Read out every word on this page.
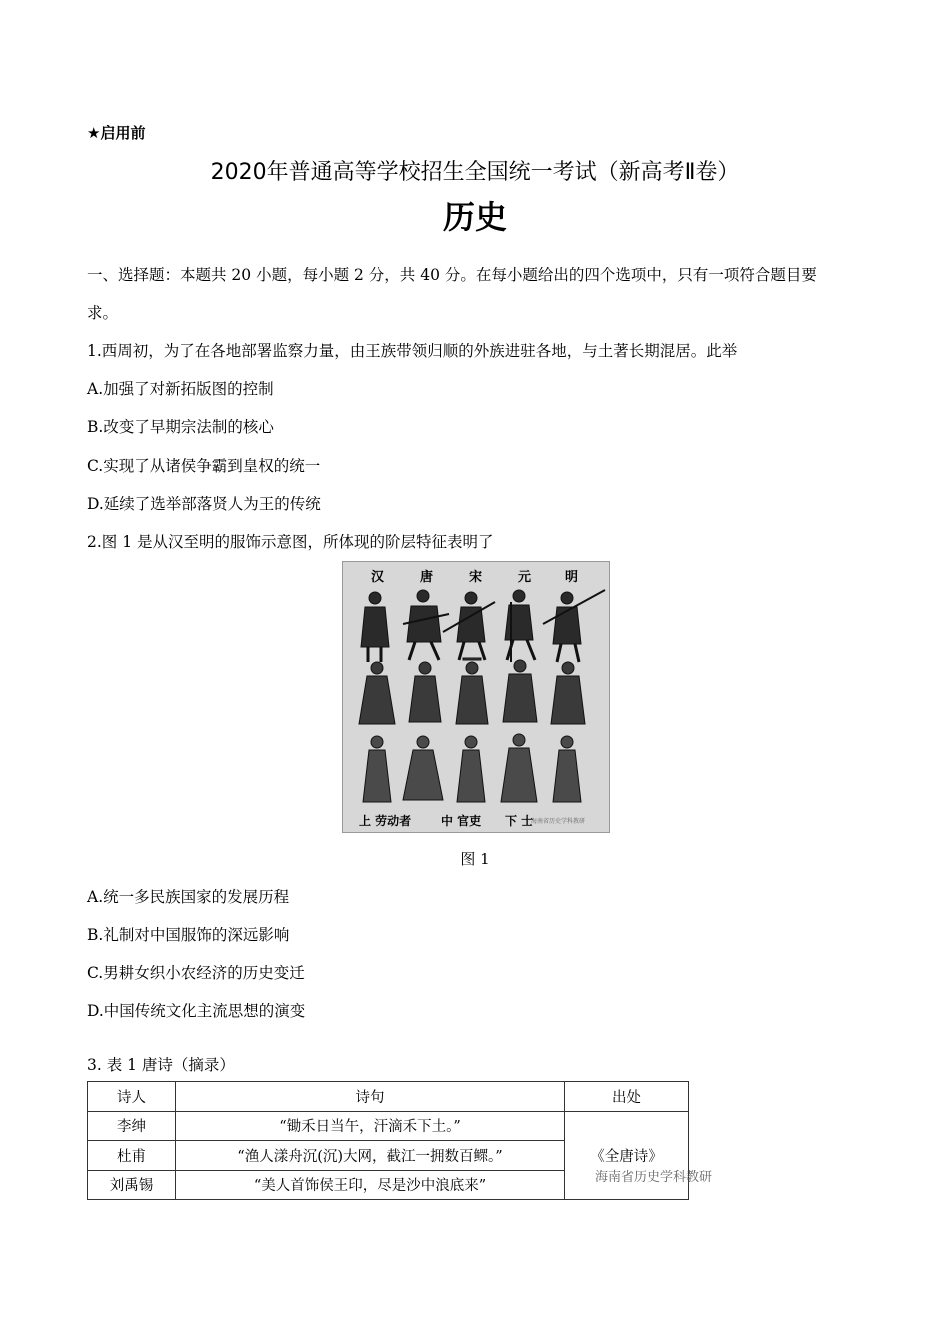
★启用前
2020年普通高等学校招生全国统一考试（新高考Ⅱ卷）
历史
一、选择题：本题共 20 小题，每小题 2 分，共 40 分。在每小题给出的四个选项中，只有一项符合题目要
求。
1.西周初，为了在各地部署监察力量，由王族带领归顺的外族进驻各地，与土著长期混居。此举
A.加强了对新拓版图的控制
B.改变了早期宗法制的核心
C.实现了从诸侯争霸到皇权的统一
D.延续了选举部落贤人为王的传统
2.图 1 是从汉至明的服饰示意图，所体现的阶层特征表明了
汉	唐	宋	元	明
上 劳动者 中 官吏 下 士
海南省历史学科教研
图 1
A.统一多民族国家的发展历程
B.礼制对中国服饰的深远影响
C.男耕女织小农经济的历史变迁
D.中国传统文化主流思想的演变
3. 表 1 唐诗（摘录）
诗人	诗句	出处
李绅	“锄禾日当午，汗滴禾下土。”	《全唐诗》
杜甫	“渔人漾舟沉(沉)大网，截江一拥数百鳏。”	
刘禹锡	“美人首饰侯王印，尽是沙中浪底来”	
海南省历史学科教研
